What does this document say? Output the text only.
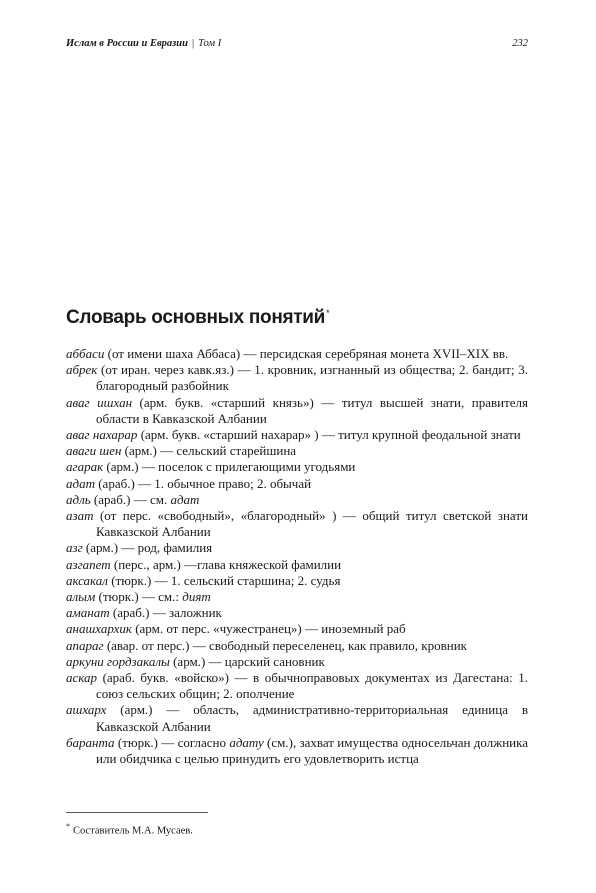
Ислам в России и Евразии | Том I	232
Словарь основных понятий*

аббаси (от имени шаха Аббаса) — персидская серебряная монета XVII–XIX вв.

абрек (от иран. через кавк.яз.) — 1. кровник, изгнанный из общества; 2. бандит; 3. благородный разбойник

аваг ишхан (арм. букв. «старший князь») — титул высшей знати, правителя области в Кавказской Албании

аваг нахарар (арм. букв. «старший нахарар» ) — титул крупной феодальной знати

аваги шен (арм.) — сельский старейшина

агарак (арм.) — поселок с прилегающими угодьями

адат (араб.) — 1. обычное право; 2. обычай

адль (араб.) — см. адат

азат (от перс. «свободный», «благородный» ) — общий титул светской знати Кавказской Албании

азг (арм.) — род, фамилия

азгапет (перс., арм.) —глава княжеской фамилии

аксакал (тюрк.) — 1. сельский старшина; 2. судья

алым (тюрк.) — см.: дият

аманат (араб.) — заложник

анашхархик (арм. от перс. «чужестранец») — иноземный раб

апараг (авар. от перс.) — свободный переселенец, как правило, кровник

аркуни гордзакалы (арм.) — царский сановник

аскар (араб. букв. «войско») — в обычноправовых документах из Дагестана: 1. союз сельских общин; 2. ополчение

ашхарх (арм.) — область, административно-территориальная единица в Кавказской Албании

баранта (тюрк.) — согласно адату (см.), захват имущества односельчан должника или обидчика с целью принудить его удовлетворить истца

* Составитель М.А. Мусаев.
